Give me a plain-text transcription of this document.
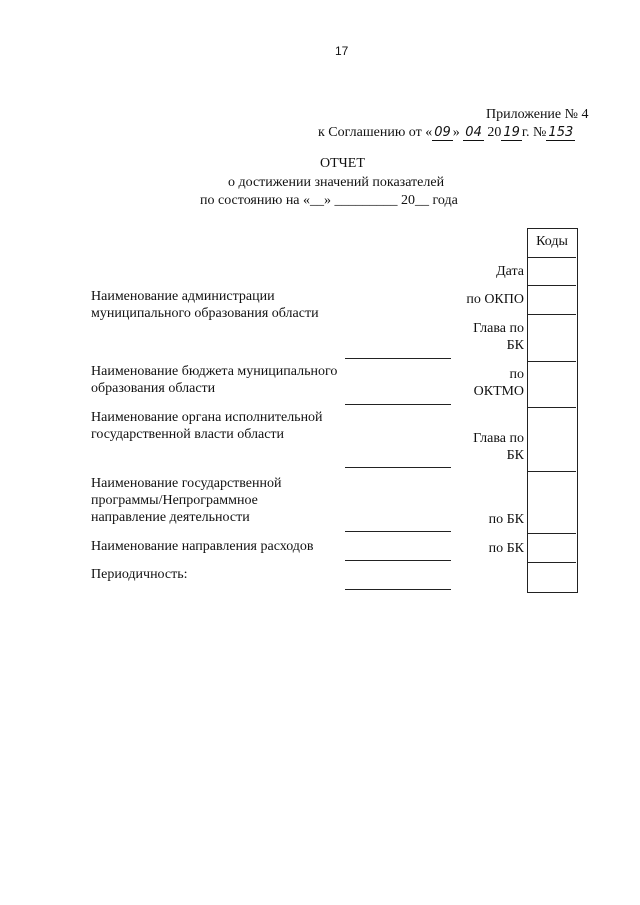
17
Приложение № 4
к Соглашению от « 09 » 04 20 19 г. № 153
ОТЧЕТ
о достижении значений показателей
по состоянию на «__» _________ 20__ года
Наименование администрации муниципального образования области
Наименование бюджета муниципального образования области
Наименование органа исполнительной государственной власти области
Наименование государственной программы/Непрограммное направление деятельности
Наименование направления расходов
Периодичность:
Дата
по ОКПО
Глава по БК
по ОКТМО
Глава по БК
по БК
по БК
Коды
